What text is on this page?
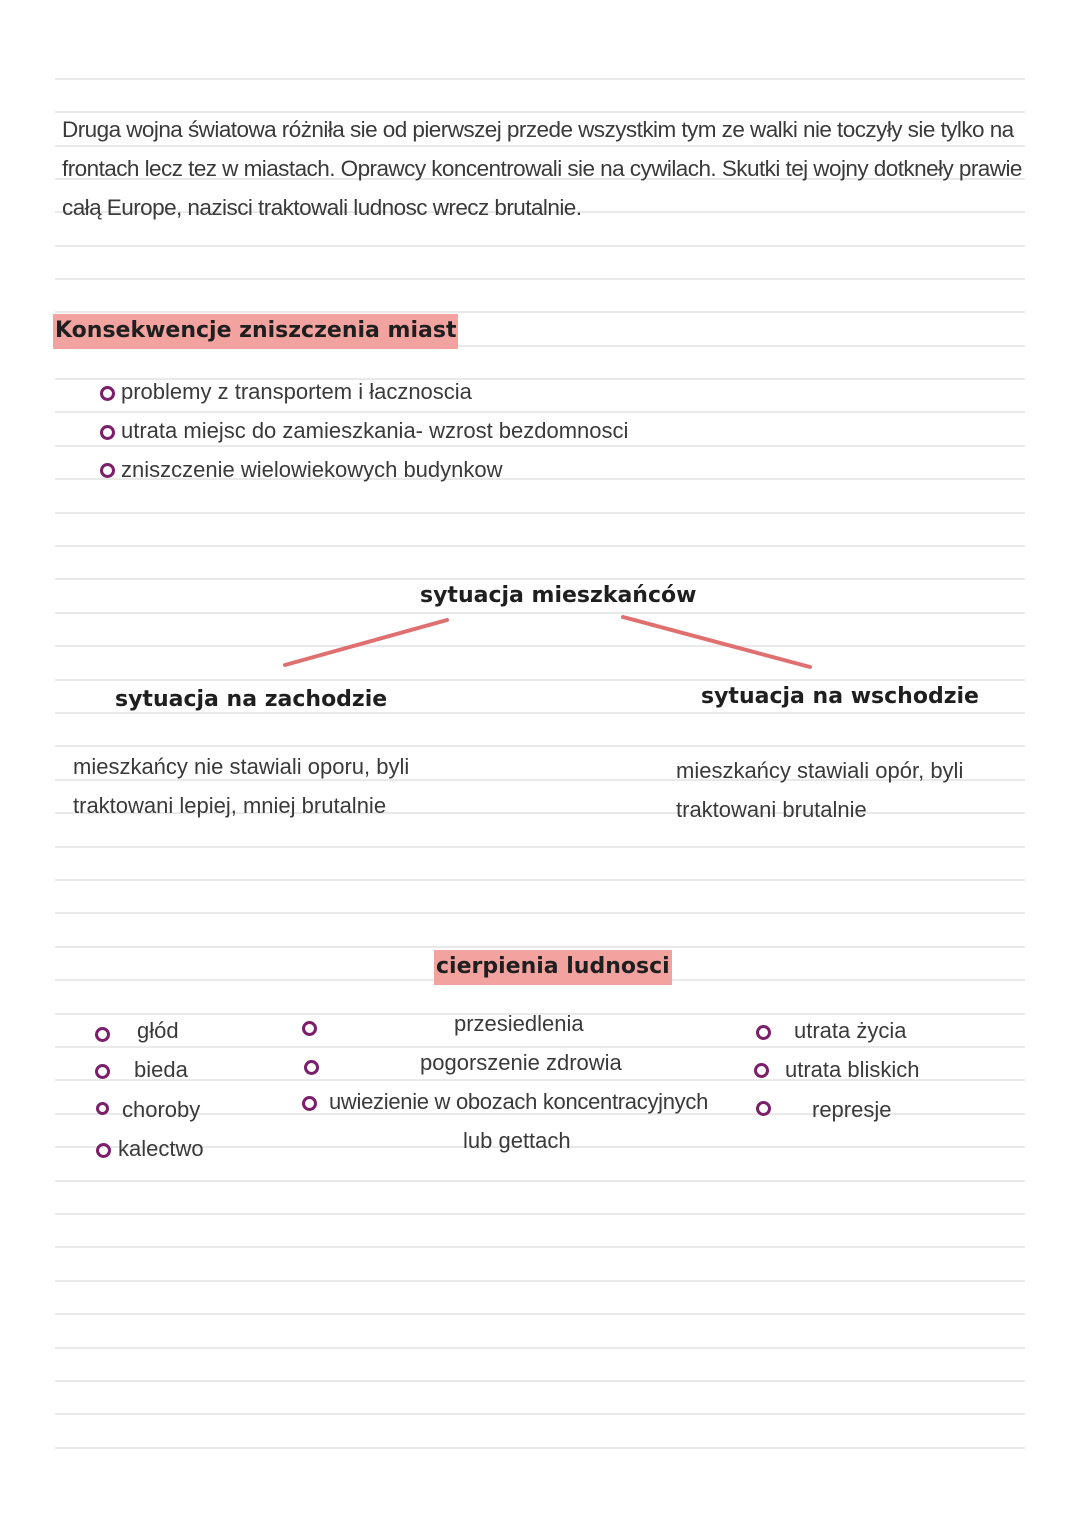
Druga wojna światowa różniła sie od pierwszej przede wszystkim tym ze walki nie toczyły sie tylko na
frontach lecz tez w miastach. Oprawcy koncentrowali sie na cywilach. Skutki tej wojny dotkneły prawie
całą Europe, nazisci traktowali ludnosc wrecz brutalnie.
Konsekwencje zniszczenia miast
problemy z transportem i łacznoscia
utrata miejsc do zamieszkania- wzrost bezdomnosci
zniszczenie wielowiekowych budynkow
sytuacja mieszkańców
sytuacja na zachodzie	sytuacja na wschodzie
mieszkańcy nie stawiali oporu, byli
traktowani lepiej, mniej brutalnie
mieszkańcy stawiali opór, byli
traktowani brutalnie
cierpienia ludnosci
głód
bieda
choroby
kalectwo
przesiedlenia
pogorszenie zdrowia
uwiezienie w obozach koncentracyjnych
lub gettach
utrata życia
utrata bliskich
represje
